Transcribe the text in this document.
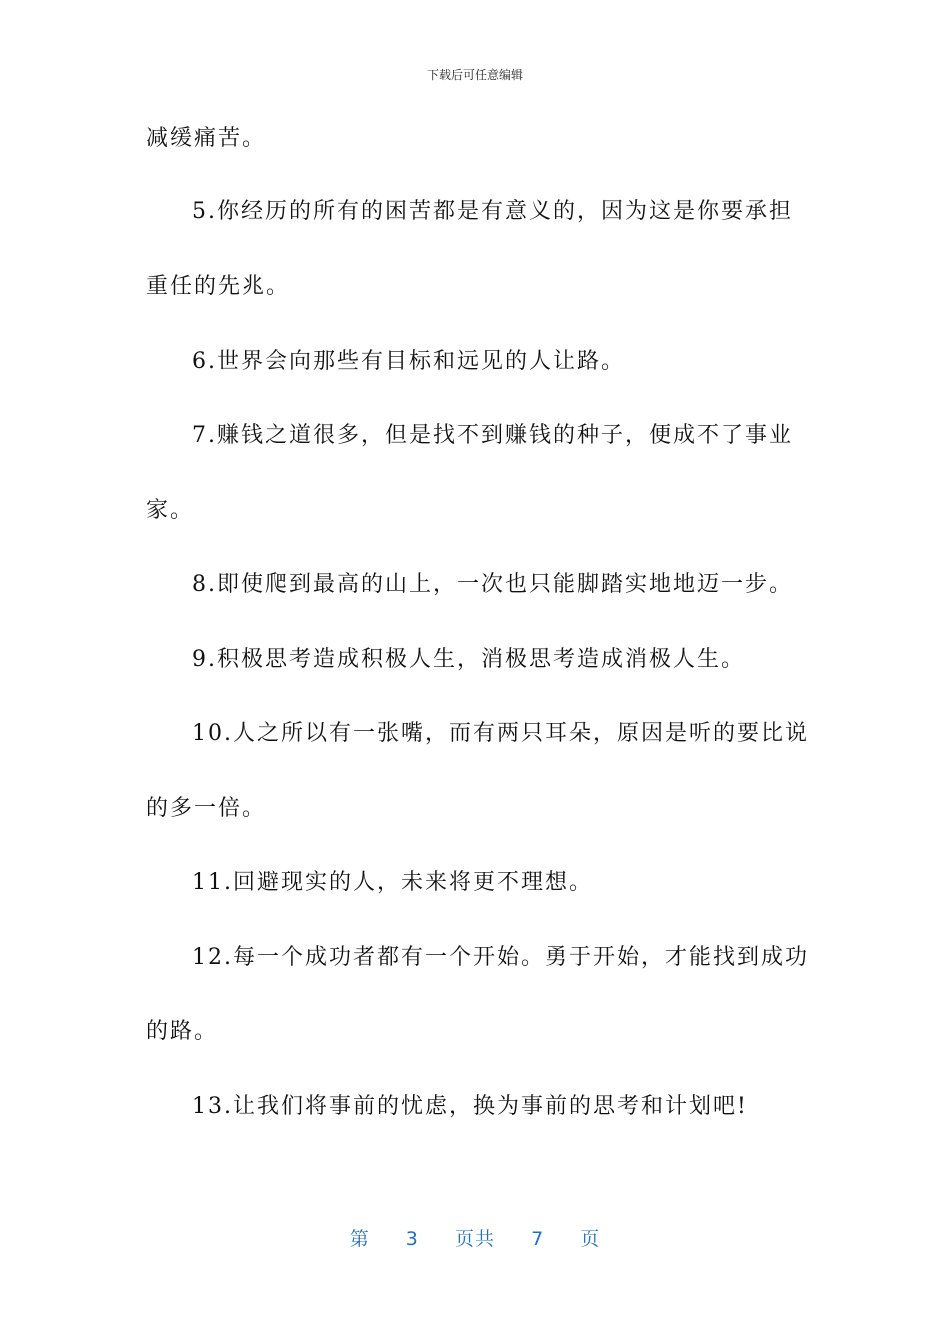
下载后可任意编辑
减缓痛苦。
5.你经历的所有的困苦都是有意义的，因为这是你要承担
重任的先兆。
6.世界会向那些有目标和远见的人让路。
7.赚钱之道很多，但是找不到赚钱的种子，便成不了事业
家。
8.即使爬到最高的山上，一次也只能脚踏实地地迈一步。
9.积极思考造成积极人生，消极思考造成消极人生。
10.人之所以有一张嘴，而有两只耳朵，原因是听的要比说
的多一倍。
11.回避现实的人，未来将更不理想。
12.每一个成功者都有一个开始。勇于开始，才能找到成功
的路。
13.让我们将事前的忧虑，换为事前的思考和计划吧!
第 3 页共 7 页
